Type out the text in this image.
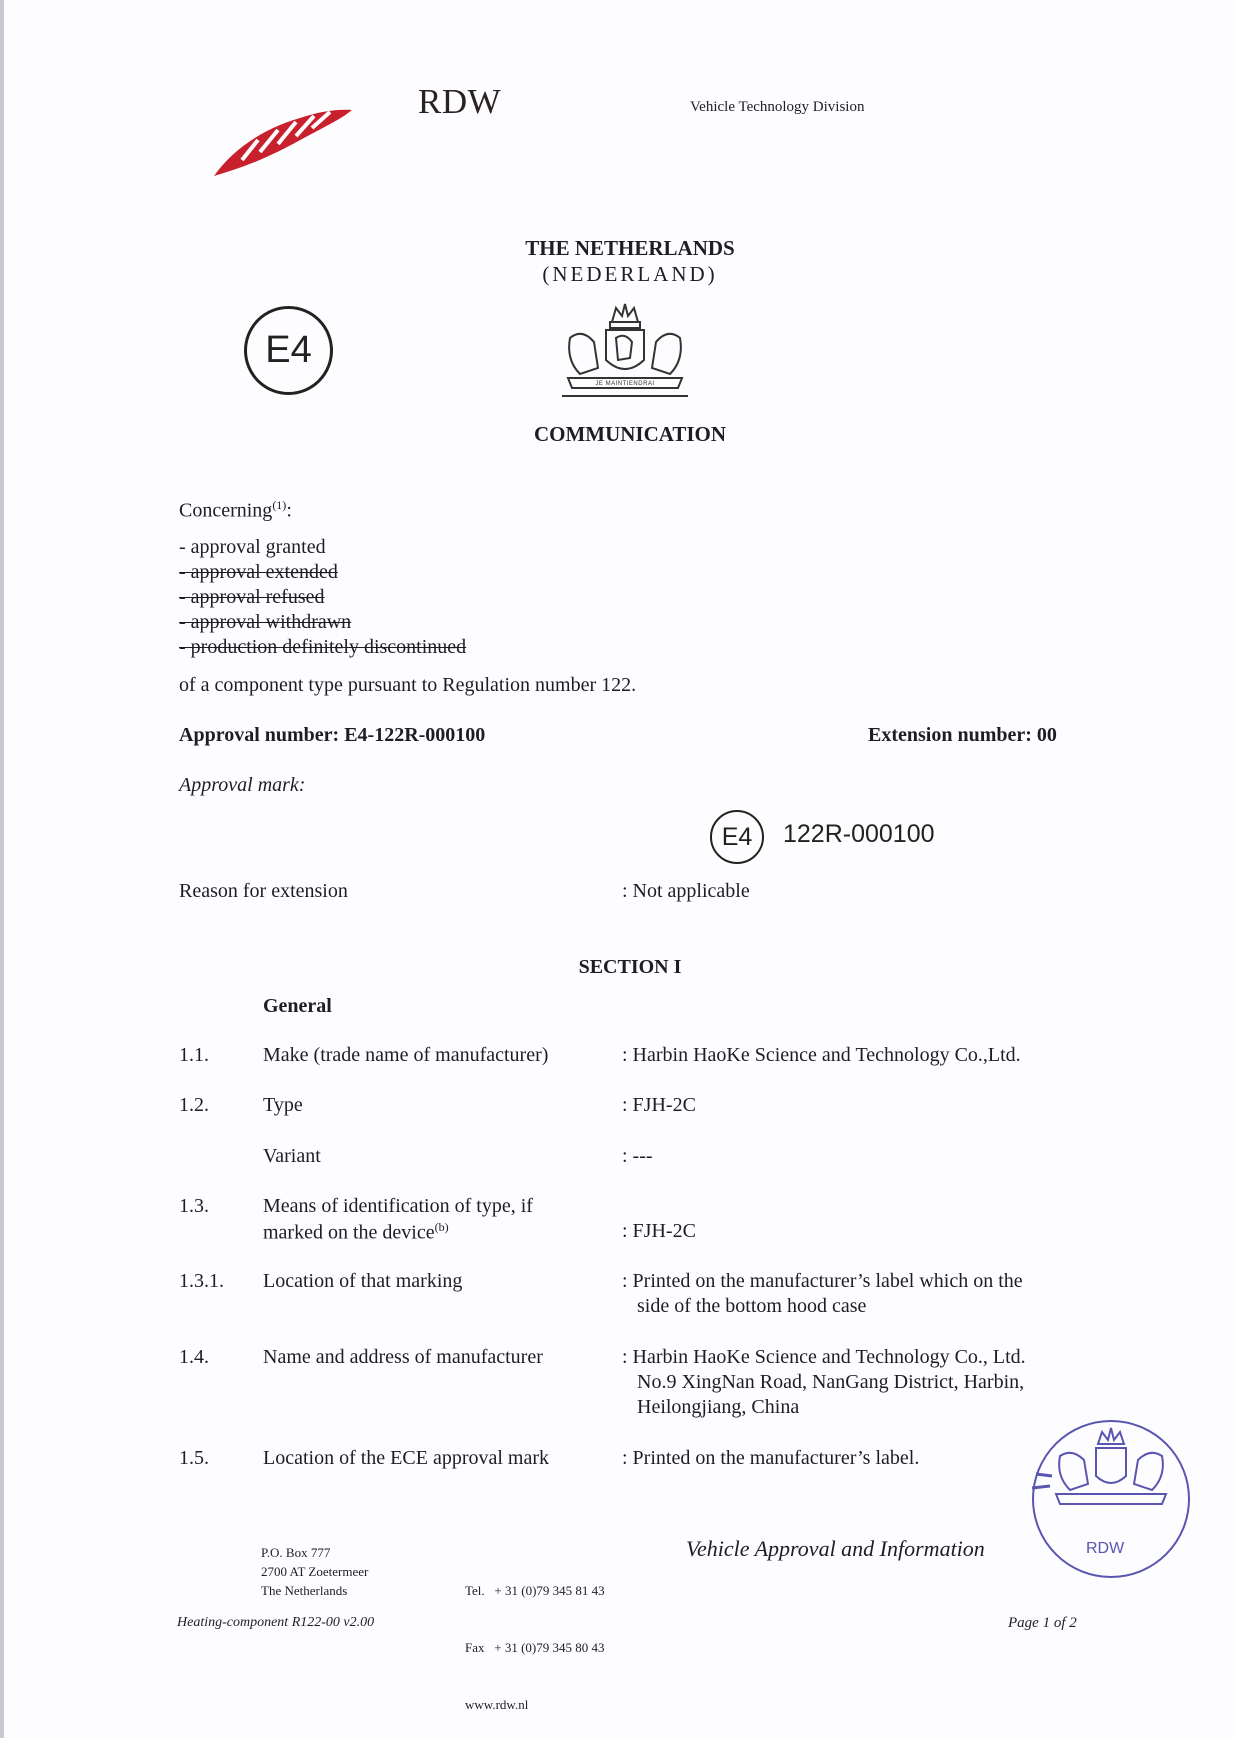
RDW	Vehicle Technology Division
THE NETHERLANDS
(NEDERLAND)
E4
JE MAINTIENDRAI
COMMUNICATION
Concerning$^{(1)}$:
- approval granted
- approval extended
- approval refused
- approval withdrawn
- production definitely discontinued
of a component type pursuant to Regulation number 122.
Approval number: E4-122R-000100	Extension number: 00
Approval mark:
E4 122R-000100
Reason for extension	: Not applicable
SECTION I
General
1.1.	Make (trade name of manufacturer)	: Harbin HaoKe Science and Technology Co.,Ltd.
1.2.	Type	: FJH-2C
Variant	: ---
1.3.	Means of identification of type, if
marked on the device$^{(b)}$	: FJH-2C
1.3.1. Location of that marking	: Printed on the manufacturer’s label which on the
side of the bottom hood case
1.4.	Name and address of manufacturer	: Harbin HaoKe Science and Technology Co., Ltd.
No.9 XingNan Road, NanGang District, Harbin,
Heilongjiang, China
1.5.	Location of the ECE approval mark	: Printed on the manufacturer’s label.
RDW
P.O. Box 777
2700 AT Zoetermeer
The Netherlands

	Tel.   + 31 (0)79 345 81 43

Fax   + 31 (0)79 345 80 43

www.rdw.nl

Vehicle Approval and Information
Heating-component R122-00 v2.00	Page 1 of 2
